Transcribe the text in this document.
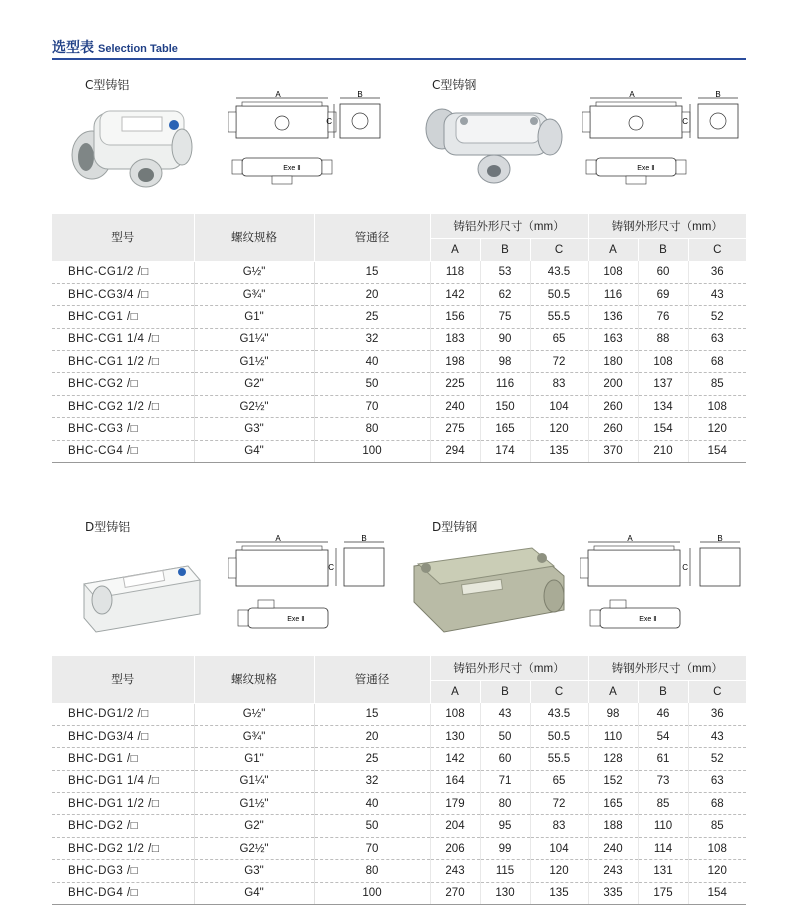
选型表 Selection Table
C型铸铝	C型铸钢
A	B
C
Exe Ⅱ
A	B
C
Exe Ⅱ
型号	螺纹规格	管通径	铸铝外形尺寸（mm）			铸钢外形尺寸（mm）		
			A	B	C	A	B	C
BHC-CG1/2 /□	G½"	15	118	53	43.5	108	60	36
BHC-CG3/4 /□	G¾"	20	142	62	50.5	116	69	43
BHC-CG1 /□	G1"	25	156	75	55.5	136	76	52
BHC-CG1 1/4 /□	G1¼"	32	183	90	65	163	88	63
BHC-CG1 1/2 /□	G1½"	40	198	98	72	180	108	68
BHC-CG2 /□	G2"	50	225	116	83	200	137	85
BHC-CG2 1/2 /□	G2½"	70	240	150	104	260	134	108
BHC-CG3 /□	G3"	80	275	165	120	260	154	120
BHC-CG4 /□	G4"	100	294	174	135	370	210	154
D型铸铝	D型铸钢
A	B
C
Exe Ⅱ
A	B
C
Exe Ⅱ
型号	螺纹规格	管通径	铸铝外形尺寸（mm）			铸钢外形尺寸（mm）		
			A	B	C	A	B	C
BHC-DG1/2 /□	G½"	15	108	43	43.5	98	46	36
BHC-DG3/4 /□	G¾"	20	130	50	50.5	110	54	43
BHC-DG1 /□	G1"	25	142	60	55.5	128	61	52
BHC-DG1 1/4 /□	G1¼"	32	164	71	65	152	73	63
BHC-DG1 1/2 /□	G1½"	40	179	80	72	165	85	68
BHC-DG2 /□	G2"	50	204	95	83	188	110	85
BHC-DG2 1/2 /□	G2½"	70	206	99	104	240	114	108
BHC-DG3 /□	G3"	80	243	115	120	243	131	120
BHC-DG4 /□	G4"	100	270	130	135	335	175	154
